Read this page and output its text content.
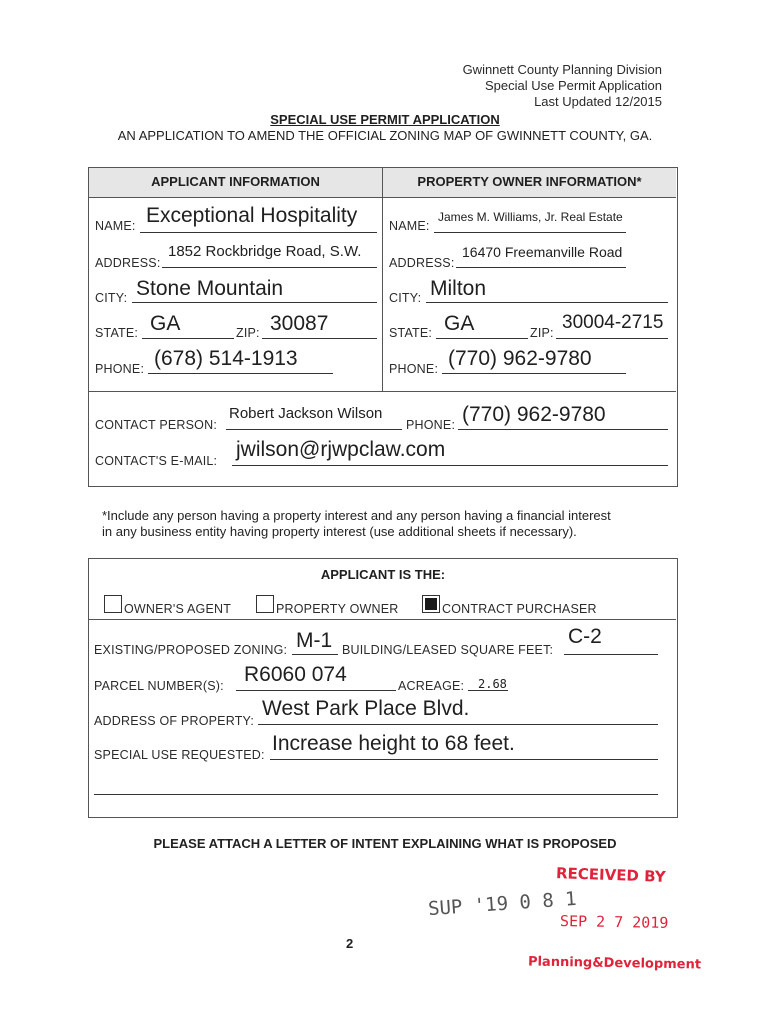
Gwinnett County Planning Division
Special Use Permit Application
Last Updated 12/2015
SPECIAL USE PERMIT APPLICATION
AN APPLICATION TO AMEND THE OFFICIAL ZONING MAP OF GWINNETT COUNTY, GA.
APPLICANT INFORMATION	PROPERTY OWNER INFORMATION*
NAME: Exceptional Hospitality
ADDRESS:
1852 Rockbridge Road, S.W.
CITY: Stone Mountain
STATE: GA	ZIP: 30087
PHONE: (678) 514-1913
NAME:
James M. Williams, Jr. Real Estate
ADDRESS:
16470 Freemanville Road
CITY: Milton
STATE: GA	ZIP: 30004-2715
PHONE: (770) 962-9780
CONTACT PERSON:
Robert Jackson Wilson
PHONE: (770) 962-9780
CONTACT'S E-MAIL: jwilson@rjwpclaw.com
*Include any person having a property interest and any person having a financial interest
in any business entity having property interest (use additional sheets if necessary).
APPLICANT IS THE:
OWNER'S AGENT	PROPERTY OWNER	CONTRACT PURCHASER
EXISTING/PROPOSED ZONING: M-1 BUILDING/LEASED SQUARE FEET:
C-2
PARCEL NUMBER(S): R6060 074	ACREAGE: 2.68
ADDRESS OF PROPERTY:
West Park Place Blvd.
SPECIAL USE REQUESTED: Increase height to 68 feet.
PLEASE ATTACH A LETTER OF INTENT EXPLAINING WHAT IS PROPOSED
RECEIVED BY
SUP '19 0 8 1
SEP 2 7 2019
Planning&Development
2
